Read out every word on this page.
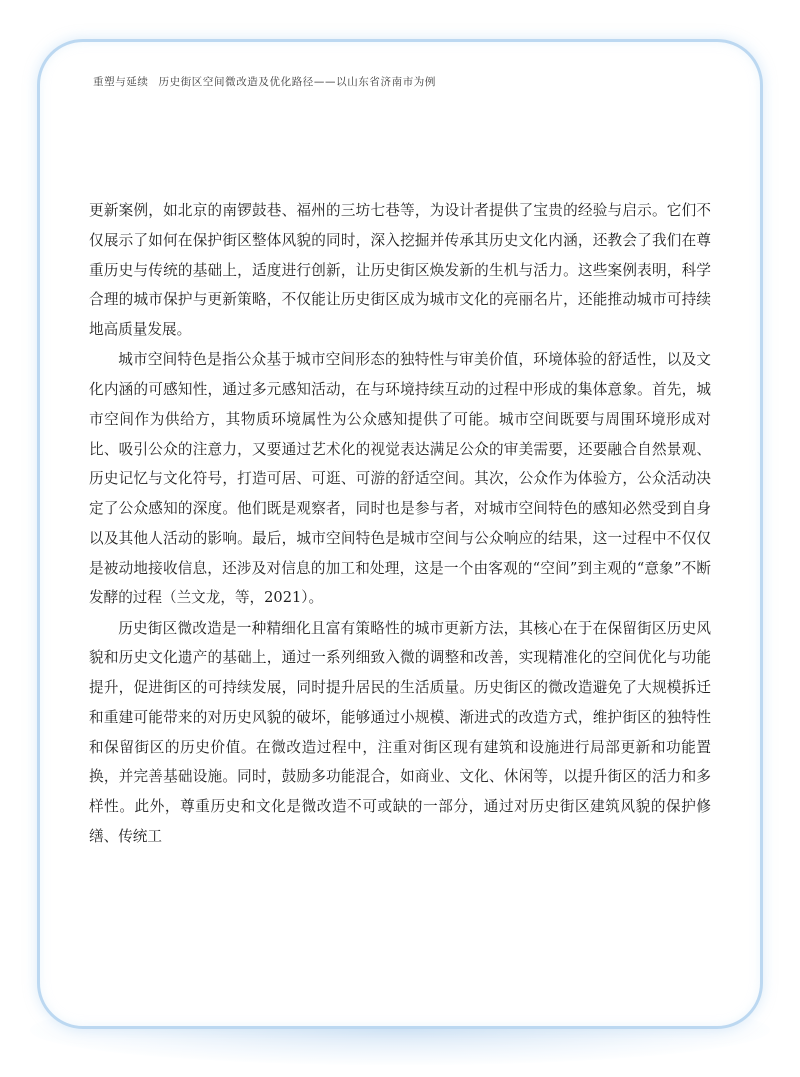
重塑与延续 历史街区空间微改造及优化路径——以山东省济南市为例

更新案例，如北京的南锣鼓巷、福州的三坊七巷等，为设计者提供了宝贵的经验与启示。它们不仅展示了如何在保护街区整体风貌的同时，深入挖掘并传承其历史文化内涵，还教会了我们在尊重历史与传统的基础上，适度进行创新，让历史街区焕发新的生机与活力。这些案例表明，科学合理的城市保护与更新策略，不仅能让历史街区成为城市文化的亮丽名片，还能推动城市可持续地高质量发展。

城市空间特色是指公众基于城市空间形态的独特性与审美价值，环境体验的舒适性，以及文化内涵的可感知性，通过多元感知活动，在与环境持续互动的过程中形成的集体意象。首先，城市空间作为供给方，其物质环境属性为公众感知提供了可能。城市空间既要与周围环境形成对比、吸引公众的注意力，又要通过艺术化的视觉表达满足公众的审美需要，还要融合自然景观、历史记忆与文化符号，打造可居、可逛、可游的舒适空间。其次，公众作为体验方，公众活动决定了公众感知的深度。他们既是观察者，同时也是参与者，对城市空间特色的感知必然受到自身以及其他人活动的影响。最后，城市空间特色是城市空间与公众响应的结果，这一过程中不仅仅是被动地接收信息，还涉及对信息的加工和处理，这是一个由客观的“空间”到主观的“意象”不断发酵的过程（兰文龙，等，2021）。

历史街区微改造是一种精细化且富有策略性的城市更新方法，其核心在于在保留街区历史风貌和历史文化遗产的基础上，通过一系列细致入微的调整和改善，实现精准化的空间优化与功能提升，促进街区的可持续发展，同时提升居民的生活质量。历史街区的微改造避免了大规模拆迁和重建可能带来的对历史风貌的破坏，能够通过小规模、渐进式的改造方式，维护街区的独特性和保留街区的历史价值。在微改造过程中，注重对街区现有建筑和设施进行局部更新和功能置换，并完善基础设施。同时，鼓励多功能混合，如商业、文化、休闲等，以提升街区的活力和多样性。此外，尊重历史和文化是微改造不可或缺的一部分，通过对历史街区建筑风貌的保护修缮、传统工
